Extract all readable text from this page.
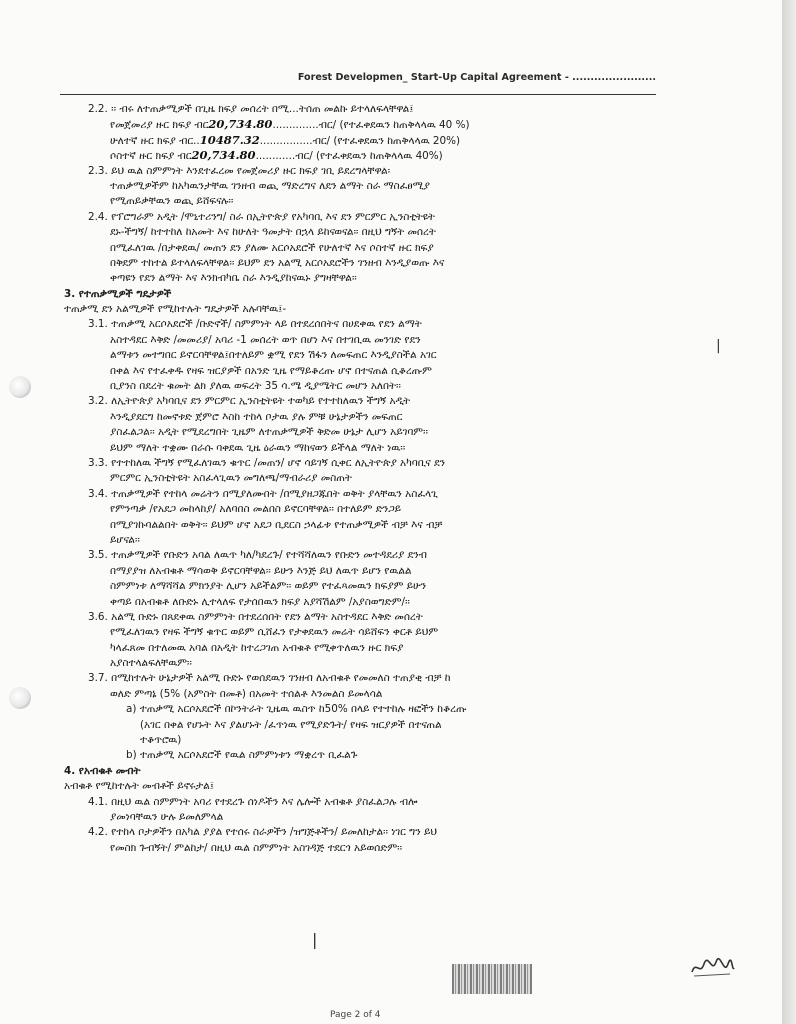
Forest Developmen_ Start-Up Capital Agreement - .......................
2.2. ፡፡ ብሩ ለተጠቃሚዎች በጊዜ ክፍያ መሰረት በሚ...ትሰጠ መልኩ ይተላለፍላቸዋል፤
የመጀመሪያ ዙር ክፍያ ብር20,734.80..............ብር/ (የተፈቀደዉን ከጠቅላላዉ 40 %)
ሁለተኛ ዙር ክፍያ ብር..10487.32................ብር/ (የተፈቀደዉን ከጠቅላላዉ 20%)
ሶስተኛ ዙር ክፍያ ብር20,734.80............ብር/ (የተፈቀደዉን ከጠቅላላዉ 40%)
2.3. ይህ ዉል ስምምነት እንደተፈረመ የመጀመሪያ ዙር ክፍያ ገቢ ይደረግላቸዋል፡
ተጠቃሚዎችም ከአካዉንታቸዉ ገንዘብ ወጪ ማድረግና ለደን ልማት ስራ ማስፈፀሚያ
የሚጠይቃቸዉን ወጪ ይሸፍናሉ፡፡
2.4. የፕሮግራም አዲት /ሞኒተሪንግ/ ስራ በኢትዮጵያ የአካባቢ እና ደን ምርምር ኢንስቲትዩት
ደኑ-ችግኝ/ ከተተከለ ከአመት እና ከሁለት ዓመታት በኋላ ይከናወናል፡፡ በዚህ ግኝት መሰረት
በሚፈለገዉ /በታቀደዉ/ መጠን ደን ያለሙ አርሶአደሮች የሁለተኛ እና ሶስተኛ ዙር ክፍያ
በቅደም ተከተል ይተላለፍላቸዋል፡፡ ይህም ደን አልሚ አርሶአደሮችን ገንዘብ እንዲያወጡ እና
ቀጣዩን የደን ልማት እና እንክብካቤ ስራ እንዲያከናዉኑ ያግዛቸዋል፡፡
3. የተጠቃሚዎች ግዴታዎች
ተጠቃሚ ደን አልሚዎች የሚከተሉት ግዴታዎች አሉባቸዉ፤-
3.1. ተጠቃሚ አርሶአደሮች /ቡድኖች/ ስምምነት ላይ በተደረሰበትና በሀደቀዉ የደን ልማት
አስተዳደር እቅድ /መመሪያ/ አባሪ -1 መሰረት ወጥ በሆነ እና በተገቢዉ መንገድ የደን
ልማቱን መተግበር ይኖርባቸዋል፤በተለይም ቋሚ የደን ሽፋን ለመፍጠር እንዲያስችል አገር
በቀል እና የተፈቀዱ የዛፍ ዝርያዎች በአንድ ጊዜ የማይቆረጡ ሆኖ በተናጠል ሲቆረጡም
ቢያንስ በደረት ቁመት ልክ ያለዉ ወፍረት 35 ሳ.ሜ ዲያሜትር መሆን አለበት፡፡
3.2. ለኢትዮጵያ አካባቢና ደን ምርምር ኢንስቲትዩት ተወካይ የተተከለዉን ችግኝ አዲት
እንዲያደርግ ከመኖቱድ ጀምሮ እስከ ተከላ ቦታዉ ያሉ ምቹ ሁኔታዎችን መፍጠር
ያስፈልጋል፡፡ አዲት የሚደረግበት ጊዜም ለተጠቃሚዎች ቅድመ ሁኔታ ሊሆን አይገባም፡፡
ይህም ማለት ተቋሙ በራሱ ባቀደዉ ጊዜ ዕራዉን ማከናወን ይችላል ማለት ነዉ፡፡
3.3. የተተከለዉ ችግኝ የሚፈለገዉን ቁጥር /መጠን/ ሆኖ ሳይገኝ ሲቀር ለኢትዮጵያ አካባቢና ደን
ምርምር ኢንስቲትዩት አስፈላጊዉን መግለጫ/ማብራሪያ መስጠት
3.4. ተጠቃሚዎች የተከላ መሬትን በሚያለሙበት /በሚያዘጋጁበት ወቅት ያላቸዉን አስፈላጊ
የምንጣቃ /የአደጋ መከላከያ/ አለባበስ መልበስ ይኖርባቸዋል፡፡ በተለይም ድንጋይ
በሚያገኩባልልበት ወቅት፡፡ ይህም ሆኖ አደጋ ቢደርስ ኃላፊቱ የተጠቃሚዎች ብቻ እና ብቻ
ይሆናል፡፡
3.5. ተጠቃሚዎች የቡድን አባል ለዉጥ ካለ/ካደረጉ/ የተሻሻለዉን የቡድን መተዳደሪያ ደንብ
በማያያዝ ለአብቁቶ ማሳወቅ ይኖርባቸዋል፡፡ ይሁን እንጅ ይህ ለዉጥ ይሆን የዉልል
ስምምነቱ ለማሻሻል ምክንያት ሊሆን አይችልም፡፡ ወይም የተፈጻመዉን ክፍያም ይሁን
ቀጣይ በአብቁቶ ለቡድኑ ሊተላለፍ የታሰበዉን ክፍያ አያሻሽልም /አያስወግድም/፡፡
3.6. አልሚ ቡድኑ በጸደቀዉ ስምምነት በተደረሰበት የደን ልማት አስተዳደር እቅድ መሰረት
የሚፈለገዉን የዛፍ ችግኝ ቁጥር ወይም ሲሸፈን የታቀደዉን መሬት ሳይሸፍን ቀርቶ ይህም
ካላፈጸመ በተለመዉ አባል በአዲት ከተረጋገጠ አብቁቶ የሚቀጥለዉን ዙር ክፍያ
አያስተላልፍለቸዉም፡፡
3.7. በሚከተሉት ሁኔታዎች አልሚ ቡድኑ የወሰደዉን ገንዘብ ለአብቁቶ የመመለስ ተጠያቂ ብቻ ከ
ወለድ ምጣኔ (5% (አምስት በመቶ) በአመት ተሰልቶ እንመልስ ይመላሳል
a) ተጠቃሚ አርሶአደሮች በኮንትራት ጊዜዉ ዉስጥ ከ50% በላይ የተተከሉ ዛፎችን ከቆረጡ
(አገር በቀል የሆኑት እና ያልሆኑት /ፈጥነዉ የሚያድጉት/ የዛፍ ዝርያዎች በተናጠል
ተቆጥሮዉ)
b) ተጠቃሚ አርሶአደሮች የዉል ስምምነቱን ማቋረጥ ቢፈልጉ
4. የአብቁቶ መብት
አብቁቶ የሚከተሉት መብቶች ይኖሩታል፤
4.1. በዚህ ዉል ስምምነት አባሪ የተደረጉ ሰነዶችን እና ሌሎች አብቁቶ ያስፈልጋሉ ብሎ
ያመነባቸዉን ሁሉ ይመለምላል
4.2. የተከላ ቦታዎችን በአካል ያያል የተሰሩ ስራዎችን /ዝግጅቶችን/ ይመለከታል፡፡ ነገር ግን ይህ
የመስክ ጉብኝት/ ምልከታ/ በዚህ ዉል ስምምነት አስገዳጅ ተደርጎ አይወሰድም፡፡
|
|
Page 2 of 4
